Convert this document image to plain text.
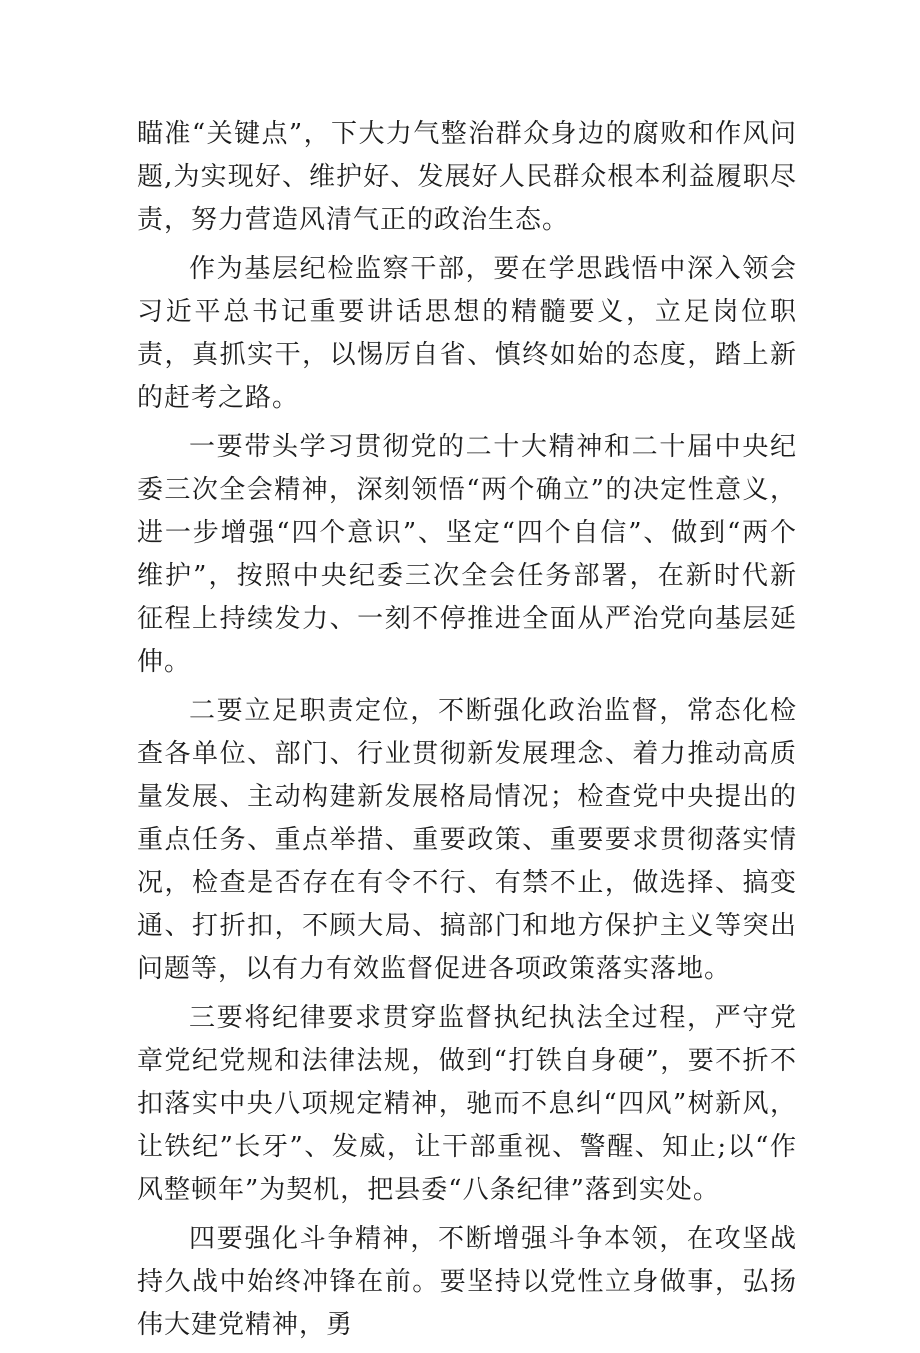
瞄准“关键点”，下大力气整治群众身边的腐败和作风问题,为实现好、维护好、发展好人民群众根本利益履职尽责，努力营造风清气正的政治生态。

作为基层纪检监察干部，要在学思践悟中深入领会习近平总书记重要讲话思想的精髓要义，立足岗位职责，真抓实干，以惕厉自省、慎终如始的态度，踏上新的赶考之路。

一要带头学习贯彻党的二十大精神和二十届中央纪委三次全会精神，深刻领悟“两个确立”的决定性意义，进一步增强“四个意识”、坚定“四个自信”、做到“两个维护”，按照中央纪委三次全会任务部署，在新时代新征程上持续发力、一刻不停推进全面从严治党向基层延伸。

二要立足职责定位，不断强化政治监督，常态化检查各单位、部门、行业贯彻新发展理念、着力推动高质量发展、主动构建新发展格局情况；检查党中央提出的重点任务、重点举措、重要政策、重要要求贯彻落实情况，检查是否存在有令不行、有禁不止，做选择、搞变通、打折扣，不顾大局、搞部门和地方保护主义等突出问题等，以有力有效监督促进各项政策落实落地。

三要将纪律要求贯穿监督执纪执法全过程，严守党章党纪党规和法律法规，做到“打铁自身硬”，要不折不扣落实中央八项规定精神，驰而不息纠“四风”树新风，让铁纪”长牙”、发威，让干部重视、警醒、知止;以“作风整顿年”为契机，把县委“八条纪律”落到实处。

四要强化斗争精神，不断增强斗争本领，在攻坚战持久战中始终冲锋在前。要坚持以党性立身做事，弘扬伟大建党精神，勇
